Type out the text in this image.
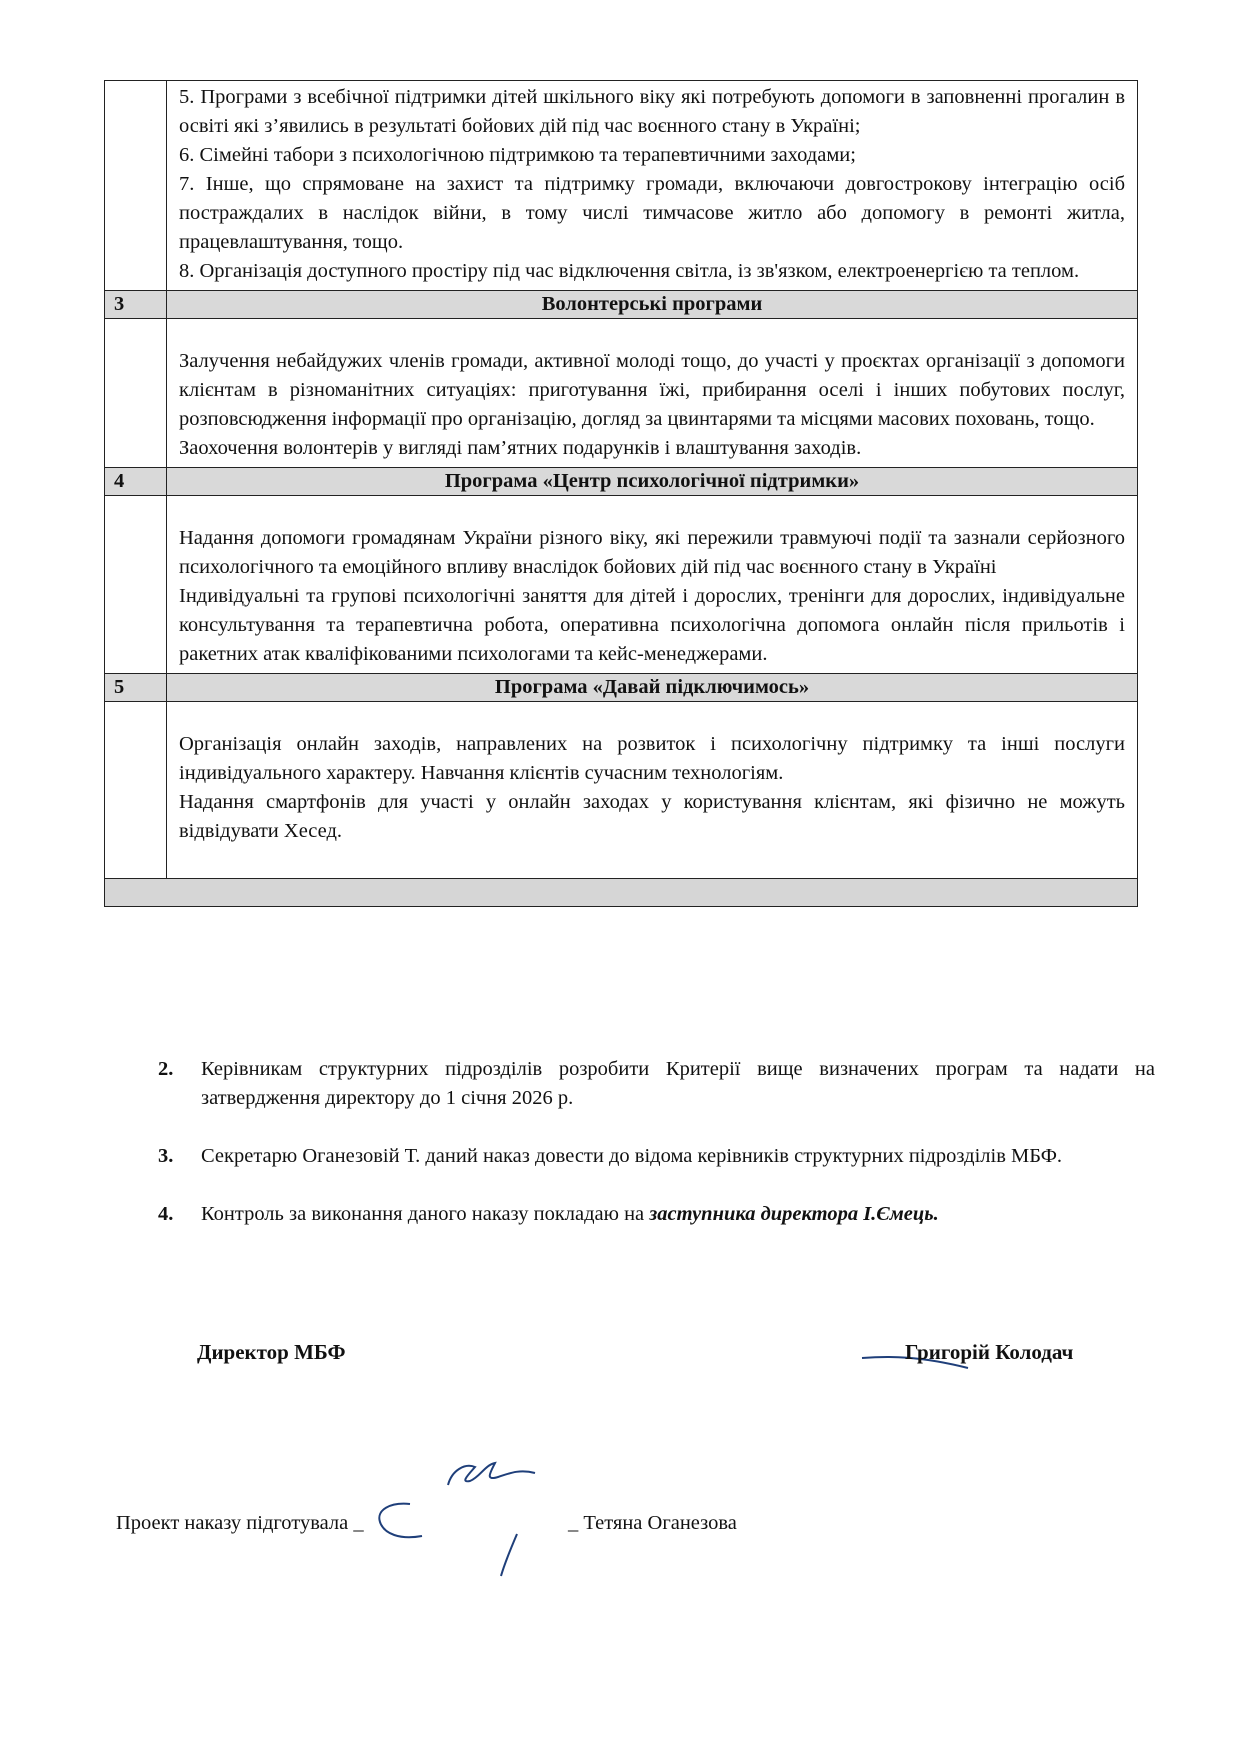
	5. Програми з всебічної підтримки дітей шкільного віку які потребують допомоги в заповненні прогалин в освіті які з’явились в результаті бойових дій під час воєнного стану в Україні;

6. Сімейні табори з психологічною підтримкою та терапевтичними заходами;

7. Інше, що спрямоване на захист та підтримку громади, включаючи довгострокову інтеграцію осіб постраждалих в наслідок війни, в тому числі тимчасове житло або допомогу в ремонті житла, працевлаштування, тощо.

8. Організація доступного простіру під час відключення світла, із зв'язком, електроенергією та теплом.

3	Волонтерські програми

	Залучення небайдужих членів громади, активної молоді тощо, до участі у проєктах організації з допомоги клієнтам в різноманітних ситуаціях: приготування їжі, прибирання оселі і інших побутових послуг, розповсюдження інформації про організацію, догляд за цвинтарями та місцями масових поховань, тощо.

Заохочення волонтерів у вигляді пам’ятних подарунків і влаштування заходів.

4	Програма «Центр психологічної підтримки»

	Надання допомоги громадянам України різного віку, які пережили травмуючі події та зазнали серйозного психологічного та емоційного впливу внаслідок бойових дій під час воєнного стану в Україні

Індивідуальні та групові психологічні заняття для дітей і дорослих, тренінги для дорослих, індивідуальне консультування та терапевтична робота, оперативна психологічна допомога онлайн після прильотів і ракетних атак кваліфікованими психологами та кейс-менеджерами.

5	Програма «Давай підключимось»

	Організація онлайн заходів, направлених на розвиток і психологічну підтримку та інші послуги індивідуального характеру. Навчання клієнтів сучасним технологіям.

Надання смартфонів для участі у онлайн заходах у користування клієнтам, які фізично не можуть відвідувати Хесед.

2.	Керівникам структурних підрозділів розробити Критерії вище визначених програм та надати на затвердження директору до 1 січня 2026 р.
3.	Секретарю Оганезовій Т. даний наказ довести до відома керівників структурних підрозділів МБФ.
4.	Контроль за виконання даного наказу покладаю на заступника директора І.Ємець.
Директор МБФ	Григорій Колодач
Проект наказу підготувала _	_ Тетяна Оганезова
